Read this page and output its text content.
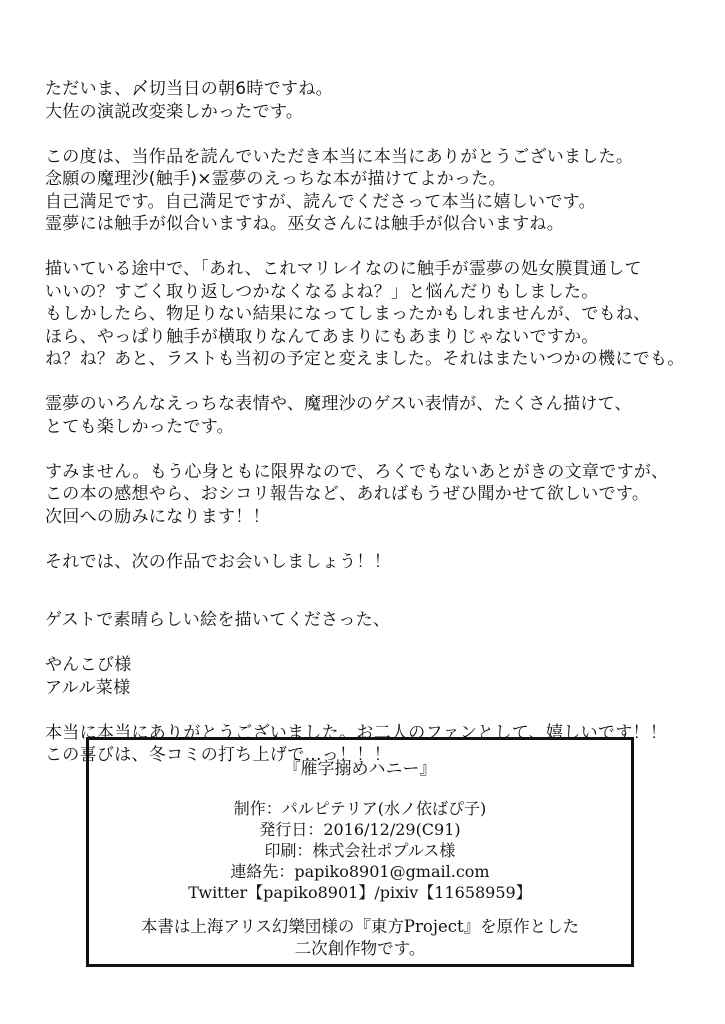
ただいま、〆切当日の朝6時ですね。
大佐の演説改変楽しかったです。
この度は、当作品を読んでいただき本当に本当にありがとうございました。
念願の魔理沙(触手)×霊夢のえっちな本が描けてよかった。
自己満足です。自己満足ですが、読んでくださって本当に嬉しいです。
霊夢には触手が似合いますね。巫女さんには触手が似合いますね。
描いている途中で、「あれ、これマリレイなのに触手が霊夢の処女膜貫通して
いいの？すごく取り返しつかなくなるよね？」と悩んだりもしました。
もしかしたら、物足りない結果になってしまったかもしれませんが、でもね、
ほら、やっぱり触手が横取りなんてあまりにもあまりじゃないですか。
ね？ね？あと、ラストも当初の予定と変えました。それはまたいつかの機にでも。
霊夢のいろんなえっちな表情や、魔理沙のゲスい表情が、たくさん描けて、
とても楽しかったです。
すみません。もう心身ともに限界なので、ろくでもないあとがきの文章ですが、
この本の感想やら、おシコリ報告など、あればもうぜひ聞かせて欲しいです。
次回への励みになります！！
それでは、次の作品でお会いしましょう！！
ゲストで素晴らしい絵を描いてくださった、
やんこび様
アルル菜様
本当に本当にありがとうございました。お二人のファンとして、嬉しいです！！
この喜びは、冬コミの打ち上げで…っ！！！
『雁字搦めハニー』
制作：パルピテリア(水ノ依ばぴ子)
発行日：2016/12/29(C91)
印刷：株式会社ポプルス様
連絡先：papiko8901@gmail.com
Twitter【papiko8901】/pixiv【11658959】
本書は上海アリス幻樂団様の『東方Project』を原作とした
二次創作物です。
